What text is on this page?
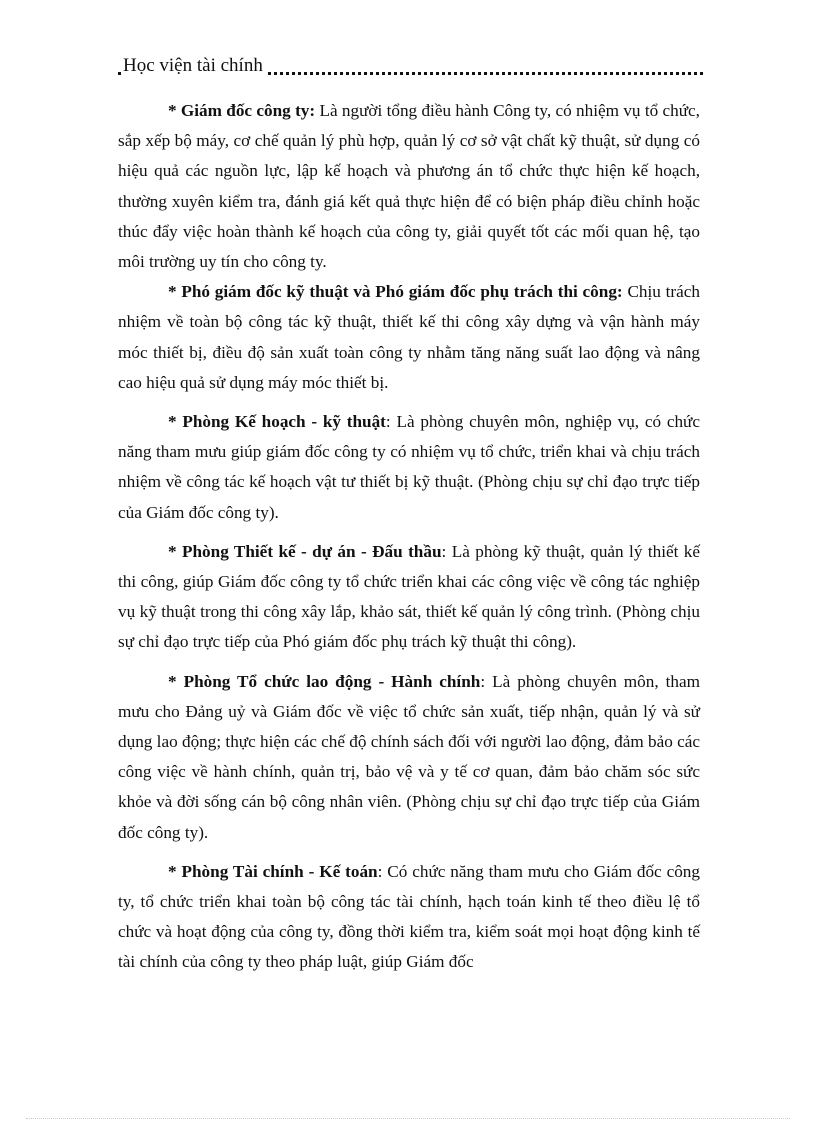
Học viện tài chính

* Giám đốc công ty: Là người tổng điều hành Công ty, có nhiệm vụ tổ chức, sắp xếp bộ máy, cơ chế quản lý phù hợp, quản lý cơ sở vật chất kỹ thuật, sử dụng có hiệu quả các nguồn lực, lập kế hoạch và phương án tổ chức thực hiện kế hoạch, thường xuyên kiểm tra, đánh giá kết quả thực hiện để có biện pháp điều chỉnh hoặc thúc đẩy việc hoàn thành kế hoạch của công ty, giải quyết tốt các mối quan hệ, tạo môi trường uy tín cho công ty.

* Phó giám đốc kỹ thuật và Phó giám đốc phụ trách thi công: Chịu trách nhiệm về toàn bộ công tác kỹ thuật, thiết kế thi công xây dựng và vận hành máy móc thiết bị, điều độ sản xuất toàn công ty nhằm tăng năng suất lao động và nâng cao hiệu quả sử dụng máy móc thiết bị.

* Phòng Kế hoạch - kỹ thuật: Là phòng chuyên môn, nghiệp vụ, có chức năng tham mưu giúp giám đốc công ty có nhiệm vụ tổ chức, triển khai và chịu trách nhiệm về công tác kế hoạch vật tư thiết bị kỹ thuật. (Phòng chịu sự chỉ đạo trực tiếp của Giám đốc công ty).

* Phòng Thiết kế - dự án - Đấu thầu: Là phòng kỹ thuật, quản lý thiết kế thi công, giúp Giám đốc công ty tổ chức triển khai các công việc về công tác nghiệp vụ kỹ thuật trong thi công xây lắp, khảo sát, thiết kế quản lý công trình. (Phòng chịu sự chỉ đạo trực tiếp của Phó giám đốc phụ trách kỹ thuật thi công).

* Phòng Tổ chức lao động - Hành chính: Là phòng chuyên môn, tham mưu cho Đảng uỷ và Giám đốc về việc tổ chức sản xuất, tiếp nhận, quản lý và sử dụng lao động; thực hiện các chế độ chính sách đối với người lao động, đảm bảo các công việc về hành chính, quản trị, bảo vệ và y tế cơ quan, đảm bảo chăm sóc sức khỏe và đời sống cán bộ công nhân viên. (Phòng chịu sự chỉ đạo trực tiếp của Giám đốc công ty).

* Phòng Tài chính - Kế toán: Có chức năng tham mưu cho Giám đốc công ty, tổ chức triển khai toàn bộ công tác tài chính, hạch toán kinh tế theo điều lệ tổ chức và hoạt động của công ty, đồng thời kiểm tra, kiểm soát mọi hoạt động kinh tế tài chính của công ty theo pháp luật, giúp Giám đốc
